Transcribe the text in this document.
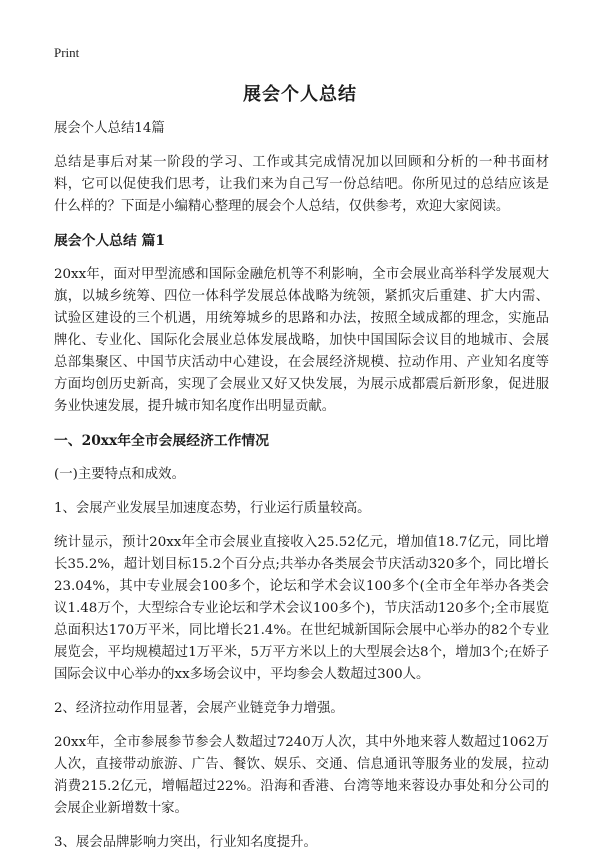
Print
展会个人总结

展会个人总结14篇

总结是事后对某一阶段的学习、工作或其完成情况加以回顾和分析的一种书面材料，它可以促使我们思考，让我们来为自己写一份总结吧。你所见过的总结应该是什么样的？下面是小编精心整理的展会个人总结，仅供参考，欢迎大家阅读。

展会个人总结 篇1

20xx年，面对甲型流感和国际金融危机等不利影响，全市会展业高举科学发展观大旗，以城乡统筹、四位一体科学发展总体战略为统领，紧抓灾后重建、扩大内需、试验区建设的三个机遇，用统筹城乡的思路和办法，按照全域成都的理念，实施品牌化、专业化、国际化会展业总体发展战略，加快中国国际会议目的地城市、会展总部集聚区、中国节庆活动中心建设，在会展经济规模、拉动作用、产业知名度等方面均创历史新高，实现了会展业又好又快发展，为展示成都震后新形象，促进服务业快速发展，提升城市知名度作出明显贡献。

一、20xx年全市会展经济工作情况

(一)主要特点和成效。

1、会展产业发展呈加速度态势，行业运行质量较高。

统计显示，预计20xx年全市会展业直接收入25.52亿元，增加值18.7亿元，同比增长35.2%，超计划目标15.2个百分点;共举办各类展会节庆活动320多个，同比增长23.04%，其中专业展会100多个，论坛和学术会议100多个(全市全年举办各类会议1.48万个，大型综合专业论坛和学术会议100多个)，节庆活动120多个;全市展览总面积达170万平米，同比增长21.4%。在世纪城新国际会展中心举办的82个专业展览会，平均规模超过1万平米，5万平方米以上的大型展会达8个，增加3个;在娇子国际会议中心举办的xx多场会议中，平均参会人数超过300人。

2、经济拉动作用显著，会展产业链竞争力增强。

20xx年，全市参展参节参会人数超过7240万人次，其中外地来蓉人数超过1062万人次，直接带动旅游、广告、餐饮、娱乐、交通、信息通讯等服务业的发展，拉动消费215.2亿元，增幅超过22%。沿海和香港、台湾等地来蓉设办事处和分公司的会展企业新增数十家。

3、展会品牌影响力突出，行业知名度提升。
